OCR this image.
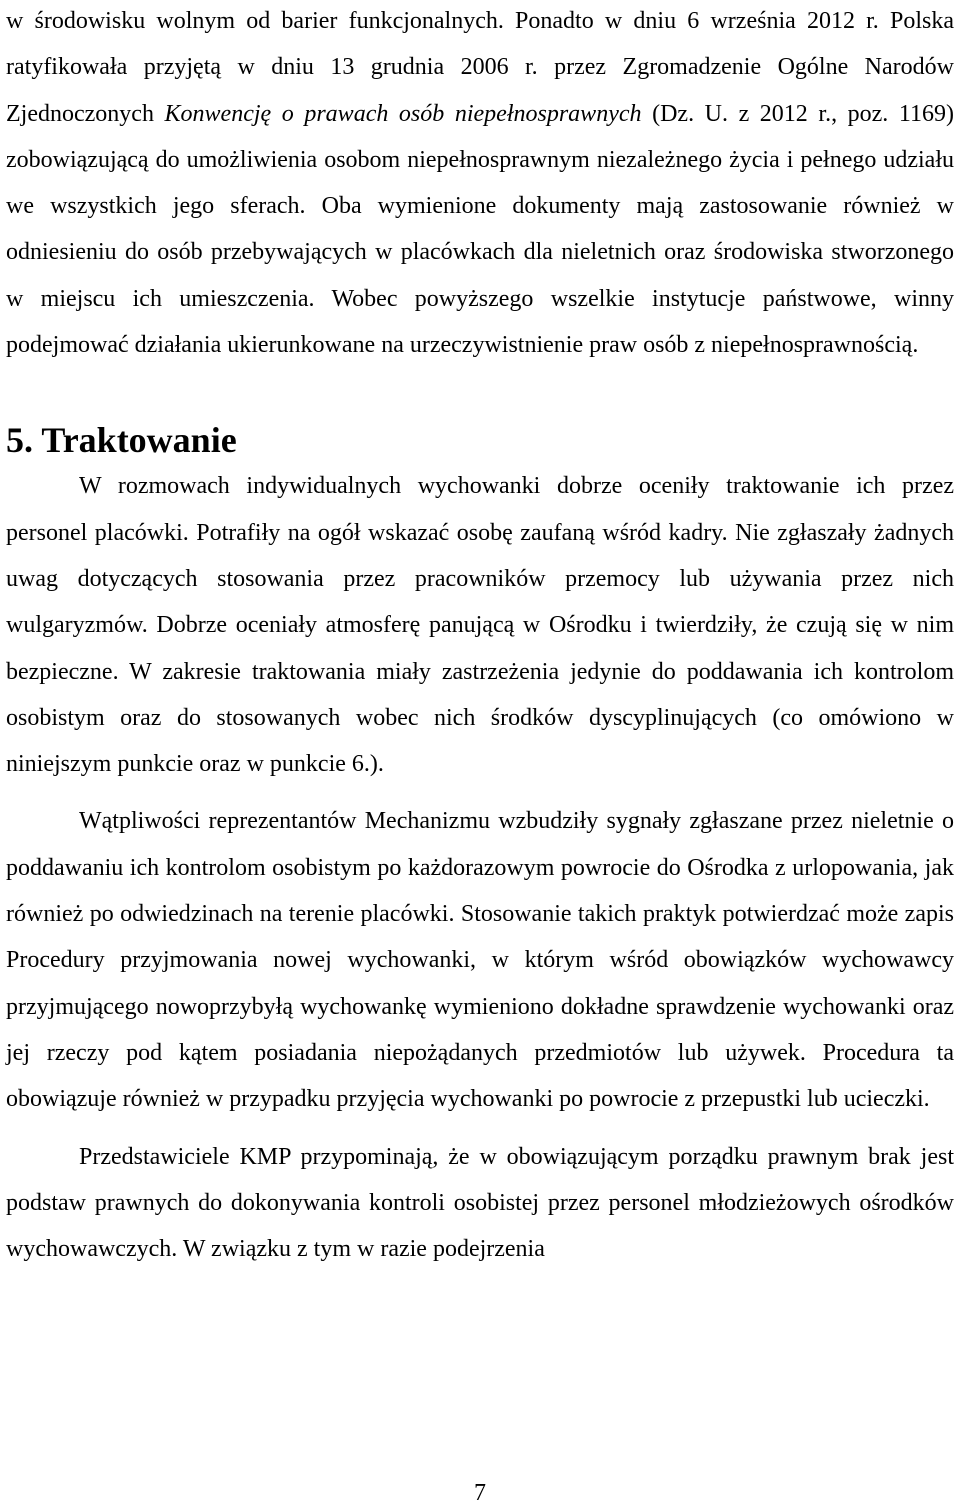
w środowisku wolnym od barier funkcjonalnych. Ponadto w dniu 6 września 2012 r. Polska ratyfikowała przyjętą w dniu 13 grudnia 2006 r. przez Zgromadzenie Ogólne Narodów Zjednoczonych Konwencję o prawach osób niepełnosprawnych (Dz. U. z 2012 r., poz. 1169) zobowiązującą do umożliwienia osobom niepełnosprawnym niezależnego życia i pełnego udziału we wszystkich jego sferach. Oba wymienione dokumenty mają zastosowanie również w odniesieniu do osób przebywających w placówkach dla nieletnich oraz środowiska stworzonego w miejscu ich umieszczenia. Wobec powyższego wszelkie instytucje państwowe, winny podejmować działania ukierunkowane na urzeczywistnienie praw osób z niepełnosprawnością.

5. Traktowanie

W rozmowach indywidualnych wychowanki dobrze oceniły traktowanie ich przez personel placówki. Potrafiły na ogół wskazać osobę zaufaną wśród kadry. Nie zgłaszały żadnych uwag dotyczących stosowania przez pracowników przemocy lub używania przez nich wulgaryzmów. Dobrze oceniały atmosferę panującą w Ośrodku i twierdziły, że czują się w nim bezpieczne. W zakresie traktowania miały zastrzeżenia jedynie do poddawania ich kontrolom osobistym oraz do stosowanych wobec nich środków dyscyplinujących (co omówiono w niniejszym punkcie oraz w punkcie 6.).

Wątpliwości reprezentantów Mechanizmu wzbudziły sygnały zgłaszane przez nieletnie o poddawaniu ich kontrolom osobistym po każdorazowym powrocie do Ośrodka z urlopowania, jak również po odwiedzinach na terenie placówki. Stosowanie takich praktyk potwierdzać może zapis Procedury przyjmowania nowej wychowanki, w którym wśród obowiązków wychowawcy przyjmującego nowoprzybyłą wychowankę wymieniono dokładne sprawdzenie wychowanki oraz jej rzeczy pod kątem posiadania niepożądanych przedmiotów lub używek. Procedura ta obowiązuje również w przypadku przyjęcia wychowanki po powrocie z przepustki lub ucieczki.

Przedstawiciele KMP przypominają, że w obowiązującym porządku prawnym brak jest podstaw prawnych do dokonywania kontroli osobistej przez personel młodzieżowych ośrodków wychowawczych. W związku z tym w razie podejrzenia

7
